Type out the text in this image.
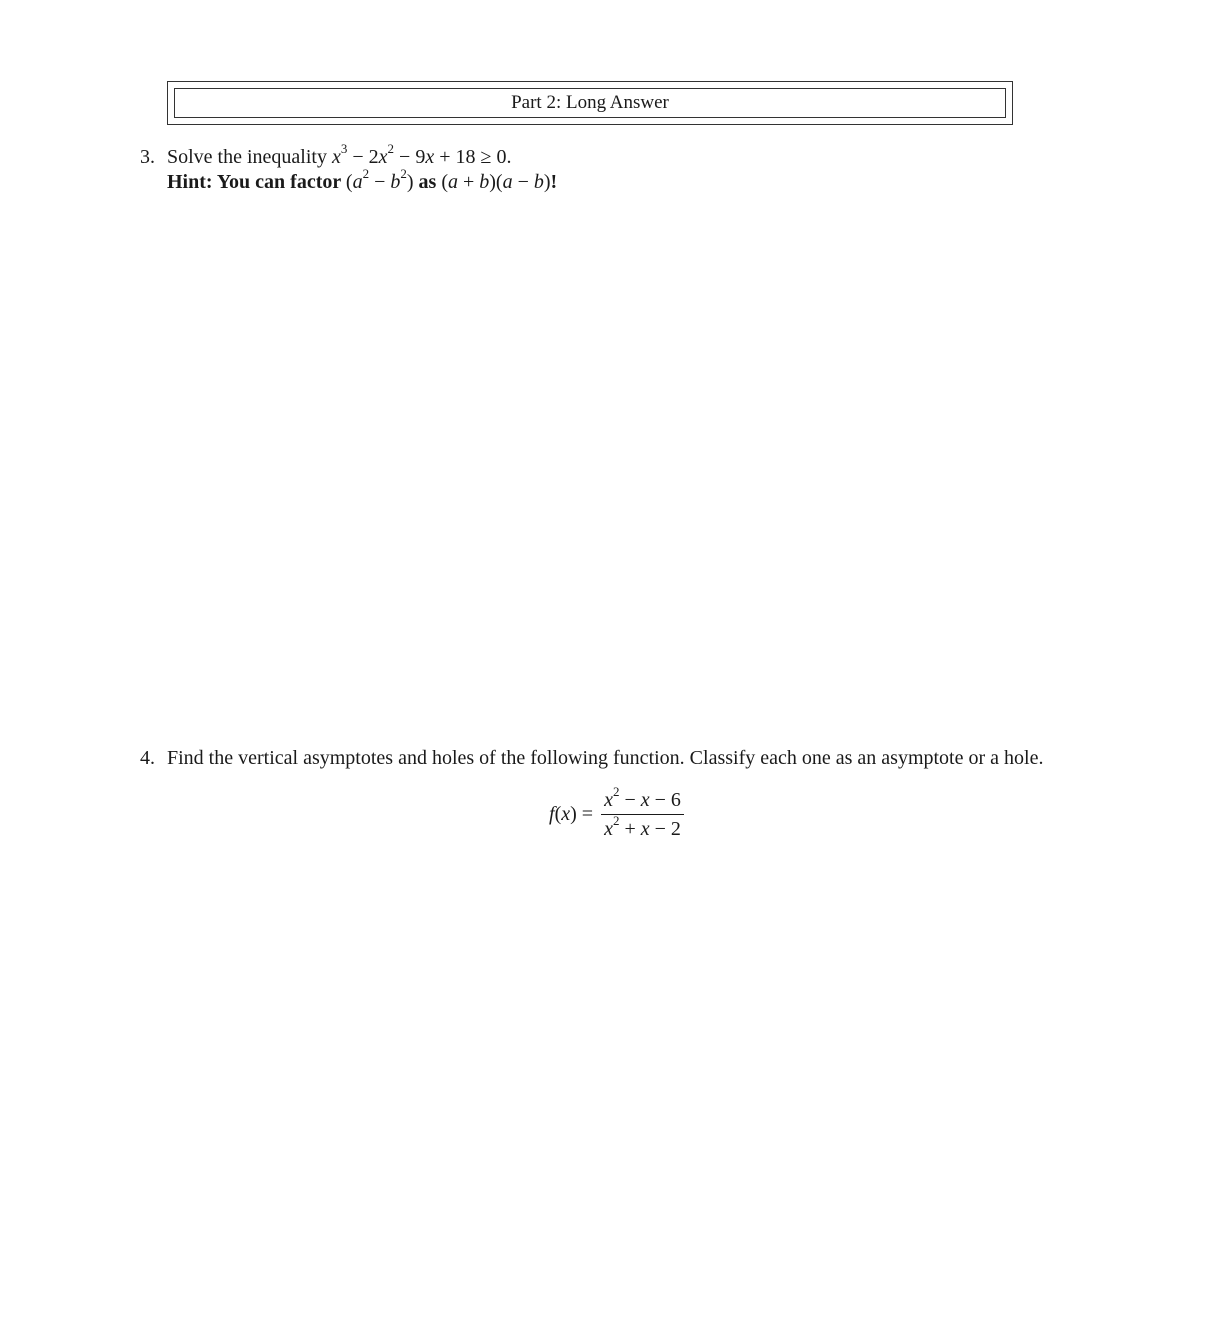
Part 2: Long Answer
3. Solve the inequality $x^3 - 2x^2 - 9x + 18 \ge 0$.
Hint: You can factor $(a^2 - b^2)$ as (a + b)(a − b)!
4. Find the vertical asymptotes and holes of the following function. Classify each one as an asymptote or a hole.
$f(x) = \frac{x^2 - x - 6}{x^2 + x - 2}$
